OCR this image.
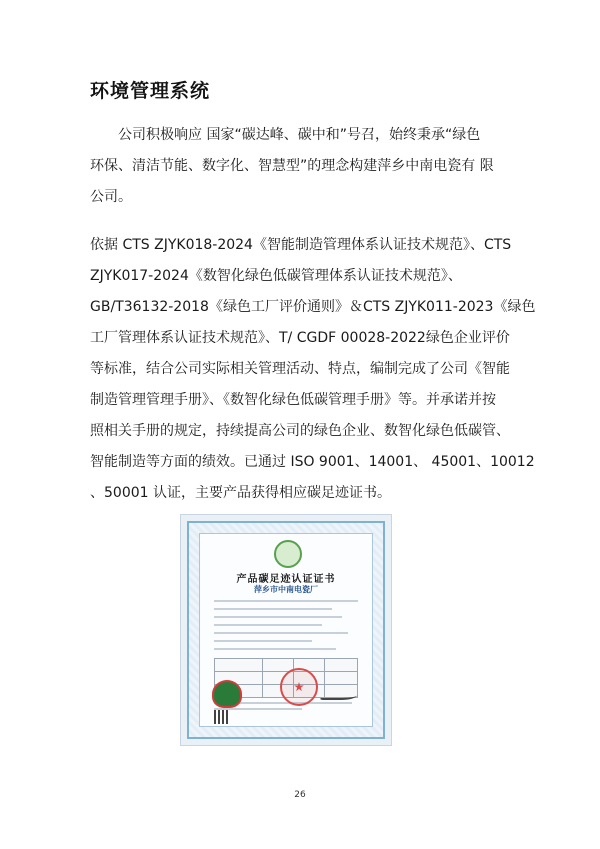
环境管理系统
公司积极响应 国家“碳达峰、碳中和”号召，始终秉承“绿色
环保、清洁节能、数字化、智慧型”的理念构建萍乡中南电瓷有 限
公司。
依据 CTS ZJYK018-2024《智能制造管理体系认证技术规范》、CTS
ZJYK017-2024《数智化绿色低碳管理体系认证技术规范》、
GB/T36132-2018《绿色工厂评价通则》＆CTS ZJYK011-2023《绿色
工厂管理体系认证技术规范》、T/ CGDF 00028-2022绿色企业评价
等标准，结合公司实际相关管理活动、特点，编制完成了公司《智能
制造管理管理手册》、《数智化绿色低碳管理手册》等。并承诺并按
照相关手册的规定，持续提高公司的绿色企业、数智化绿色低碳管、
智能制造等方面的绩效。已通过 ISO 9001、14001、 45001、10012
、50001 认证，主要产品获得相应碳足迹证书。
产品碳足迹认证证书
萍乡市中南电瓷厂
26
